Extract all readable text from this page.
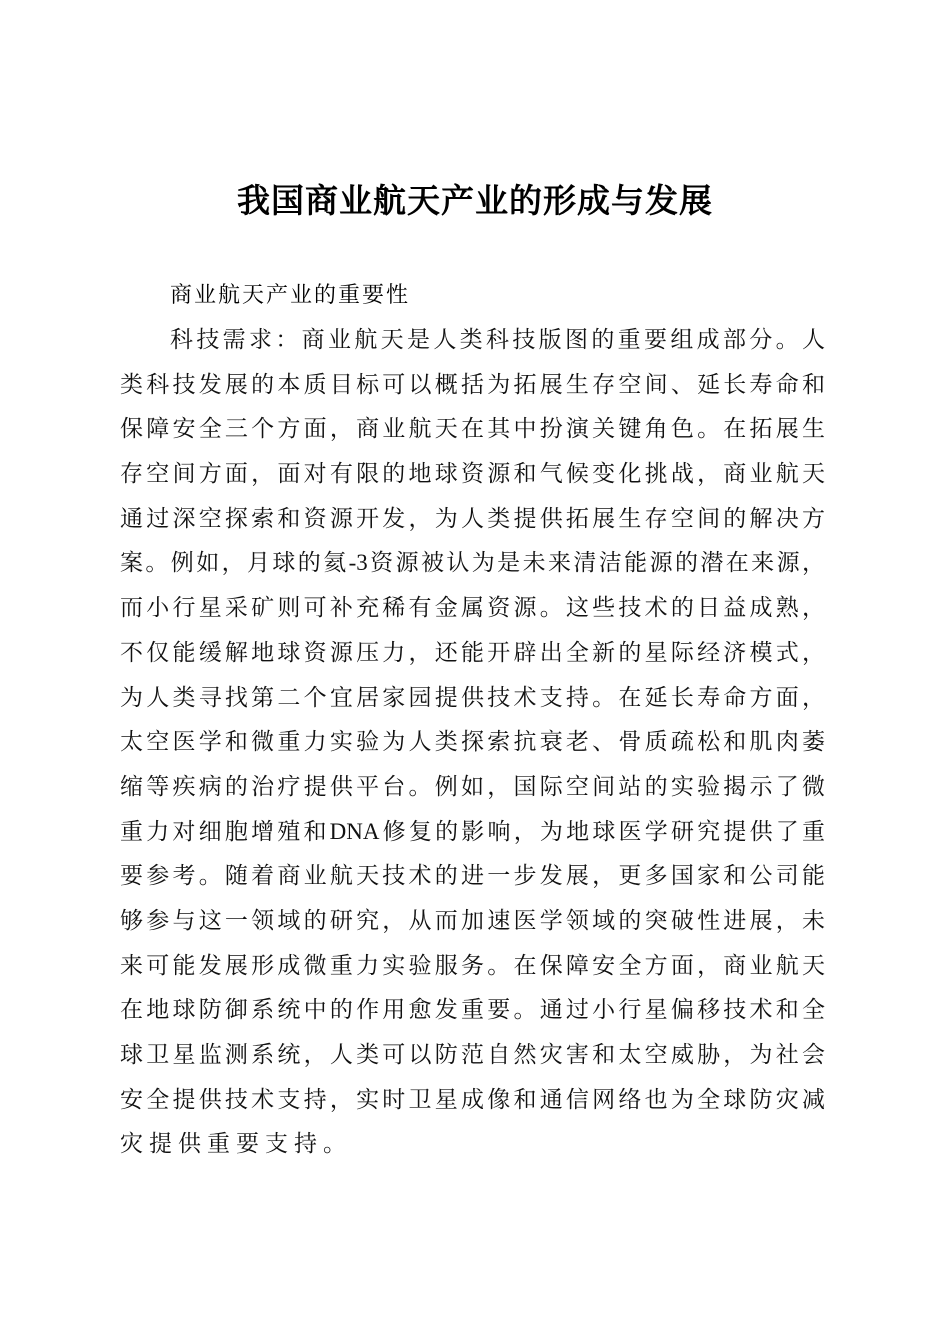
我国商业航天产业的形成与发展
商业航天产业的重要性
科技需求：商业航天是人类科技版图的重要组成部分。人
类科技发展的本质目标可以概括为拓展生存空间、延长寿命和
保障安全三个方面，商业航天在其中扮演关键角色。在拓展生
存空间方面，面对有限的地球资源和气候变化挑战，商业航天
通过深空探索和资源开发，为人类提供拓展生存空间的解决方
案。例如，月球的氦-3资源被认为是未来清洁能源的潜在来源，
而小行星采矿则可补充稀有金属资源。这些技术的日益成熟，
不仅能缓解地球资源压力，还能开辟出全新的星际经济模式，
为人类寻找第二个宜居家园提供技术支持。在延长寿命方面，
太空医学和微重力实验为人类探索抗衰老、骨质疏松和肌肉萎
缩等疾病的治疗提供平台。例如，国际空间站的实验揭示了微
重力对细胞增殖和DNA修复的影响，为地球医学研究提供了重
要参考。随着商业航天技术的进一步发展，更多国家和公司能
够参与这一领域的研究，从而加速医学领域的突破性进展，未
来可能发展形成微重力实验服务。在保障安全方面，商业航天
在地球防御系统中的作用愈发重要。通过小行星偏移技术和全
球卫星监测系统，人类可以防范自然灾害和太空威胁，为社会
安全提供技术支持，实时卫星成像和通信网络也为全球防灾减
灾提供重要支持。
